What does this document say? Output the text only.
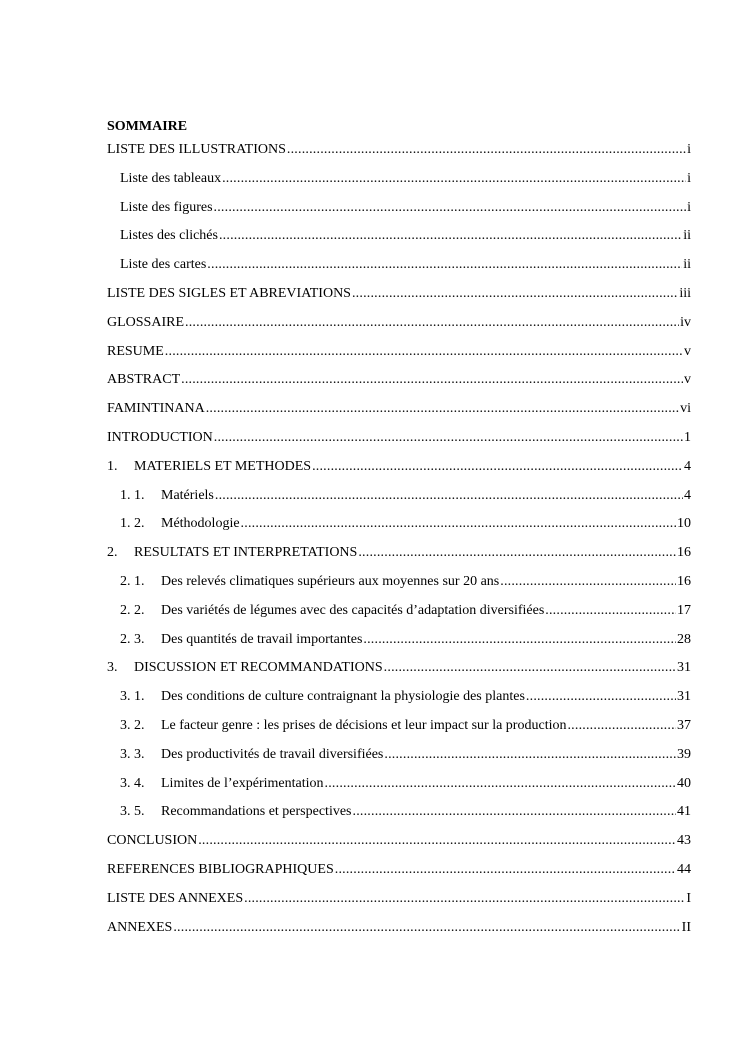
SOMMAIRE
LISTE DES ILLUSTRATIONS .....	i
Liste des tableaux .....	i
Liste des figures .....	i
Listes des clichés .....	ii
Liste des cartes .....	ii
LISTE DES SIGLES ET ABREVIATIONS .....	iii
GLOSSAIRE .....	iv
RESUME .....	v
ABSTRACT .....	v
FAMINTINANA .....	vi
INTRODUCTION .....	1
1.	MATERIELS ET METHODES .....	4
1. 1.	Matériels .....	4
1. 2.	Méthodologie .....	10
2.	RESULTATS ET INTERPRETATIONS .....	16
2. 1.	Des relevés climatiques supérieurs aux moyennes sur 20 ans .....	16
2. 2.	Des variétés de légumes avec des capacités d’adaptation diversifiées .....	17
2. 3.	Des quantités de travail importantes .....	28
3.	DISCUSSION ET RECOMMANDATIONS .....	31
3. 1.	Des conditions de culture contraignant la physiologie des plantes .....	31
3. 2.	Le facteur genre : les prises de décisions et leur impact sur la production .....	37
3. 3.	Des productivités de travail diversifiées .....	39
3. 4.	Limites de l’expérimentation .....	40
3. 5.	Recommandations et perspectives .....	41
CONCLUSION .....	43
REFERENCES BIBLIOGRAPHIQUES .....	44
LISTE DES ANNEXES .....	I
ANNEXES .....	II
